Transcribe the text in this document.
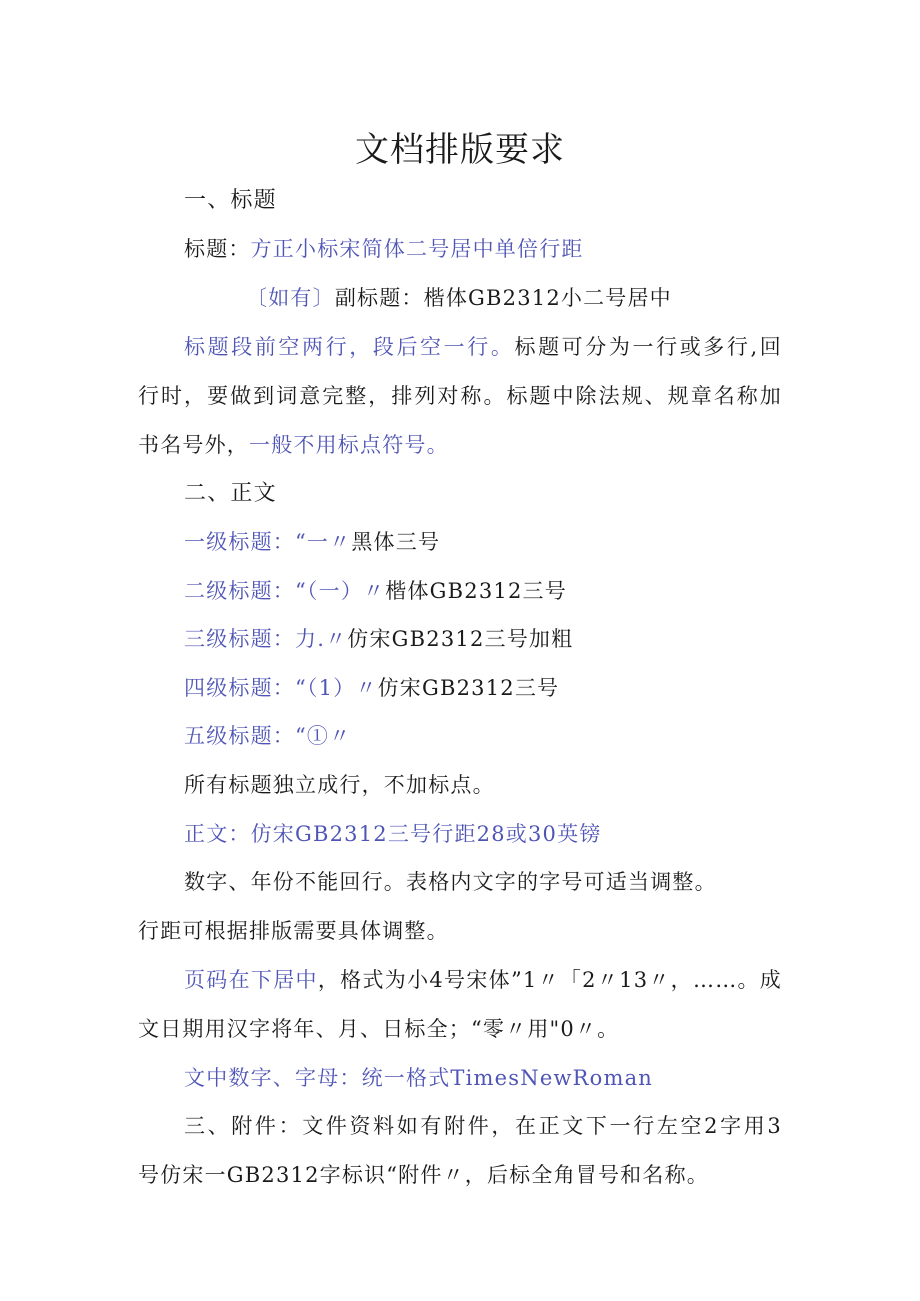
文档排版要求
一、标题
标题：方正小标宋简体二号居中单倍行距
〔如有〕副标题：楷体GB2312小二号居中
标题段前空两行，段后空一行。标题可分为一行或多行,回
行时，要做到词意完整，排列对称。标题中除法规、规章名称加
书名号外，一般不用标点符号。
二、正文
一级标题：“一〃黑体三号
二级标题：“（一）〃楷体GB2312三号
三级标题：力.〃仿宋GB2312三号加粗
四级标题：“（1）〃仿宋GB2312三号
五级标题：“①〃
所有标题独立成行，不加标点。
正文：仿宋GB2312三号行距28或30英镑
数字、年份不能回行。表格内文字的字号可适当调整。
行距可根据排版需要具体调整。
页码在下居中，格式为小4号宋体”1〃「2〃13〃，……。成
文日期用汉字将年、月、日标全；“零〃用"0〃。
文中数字、字母：统一格式TimesNewRoman
三、附件：文件资料如有附件，在正文下一行左空2字用3
号仿宋一GB2312字标识“附件〃，后标全角冒号和名称。
